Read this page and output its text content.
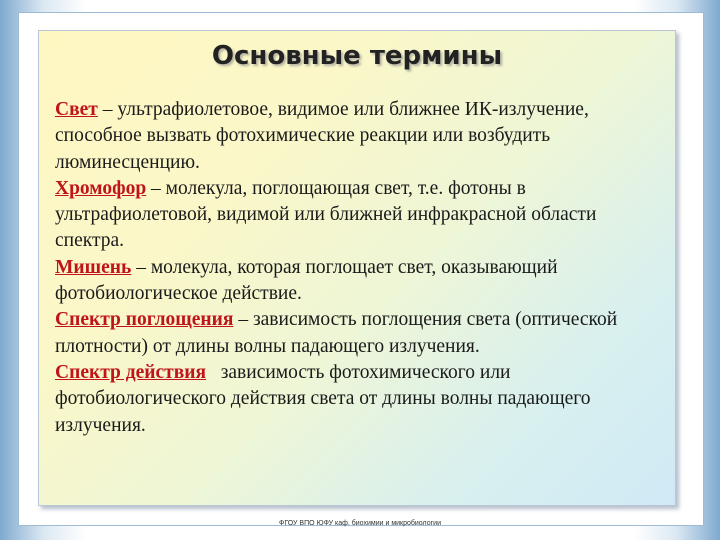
Основные термины

Свет – ультрафиолетовое, видимое или ближнее ИК-излучение, способное вызвать фотохимические реакции или возбудить люминесценцию.

Хромофор – молекула, поглощающая свет, т.е. фотоны в ультрафиолетовой, видимой или ближней инфракрасной области спектра.

Мишень – молекула, которая поглощает свет, оказывающий фотобиологическое действие.

Спектр поглощения – зависимость поглощения света (оптической плотности) от длины волны падающего излучения.

Спектр действия зависимость фотохимического или фотобиологического действия света от длины волны падающего излучения.

ФГОУ ВПО ЮФУ каф. биохимии и микробиологии
